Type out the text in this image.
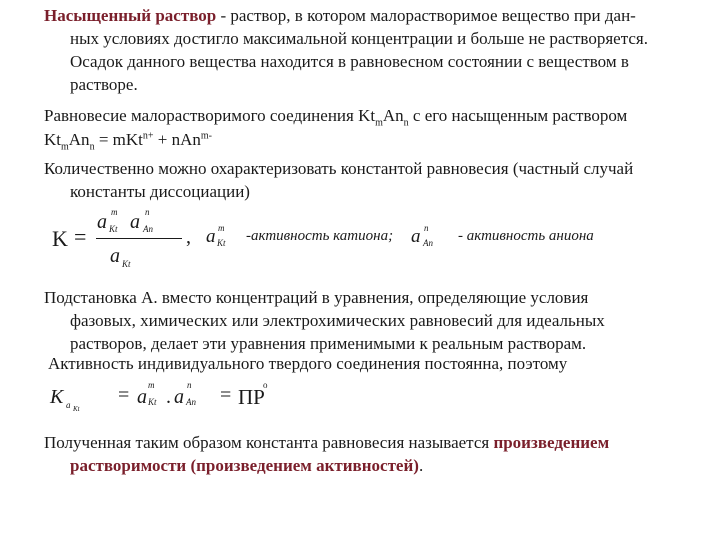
Насыщенный раствор - раствор, в котором малорастворимое вещество при дан-
ных условиях достигло максимальной концентрации и больше не растворяется.
Осадок данного вещества находится в равновесном состоянии с веществом в
растворе.
Равновесие малорастворимого соединения $Kt_mAn_n$ с его насыщенным раствором
$Kt_mAn_n = mKt^{n+} + nAn^{m-}$
Количественно можно охарактеризовать константой равновесия (частный случай
константы диссоциации)
K =
a m
Kt a n
An
a Kt
, a m
Kt -активность катиона; a n
An - активность аниона
Подстановка А. вместо концентраций в уравнения, определяющие условия
фазовых, химических или электрохимических равновесий для идеальных
растворов, делает эти уравнения применимыми к реальным растворам.
Активность индивидуального твердого соединения постоянна, поэтому
K a Kt
= a
m
Kt . a
n
An = ПР
o
Полученная таким образом константа равновесия называется произведением
растворимости (произведением активностей).
